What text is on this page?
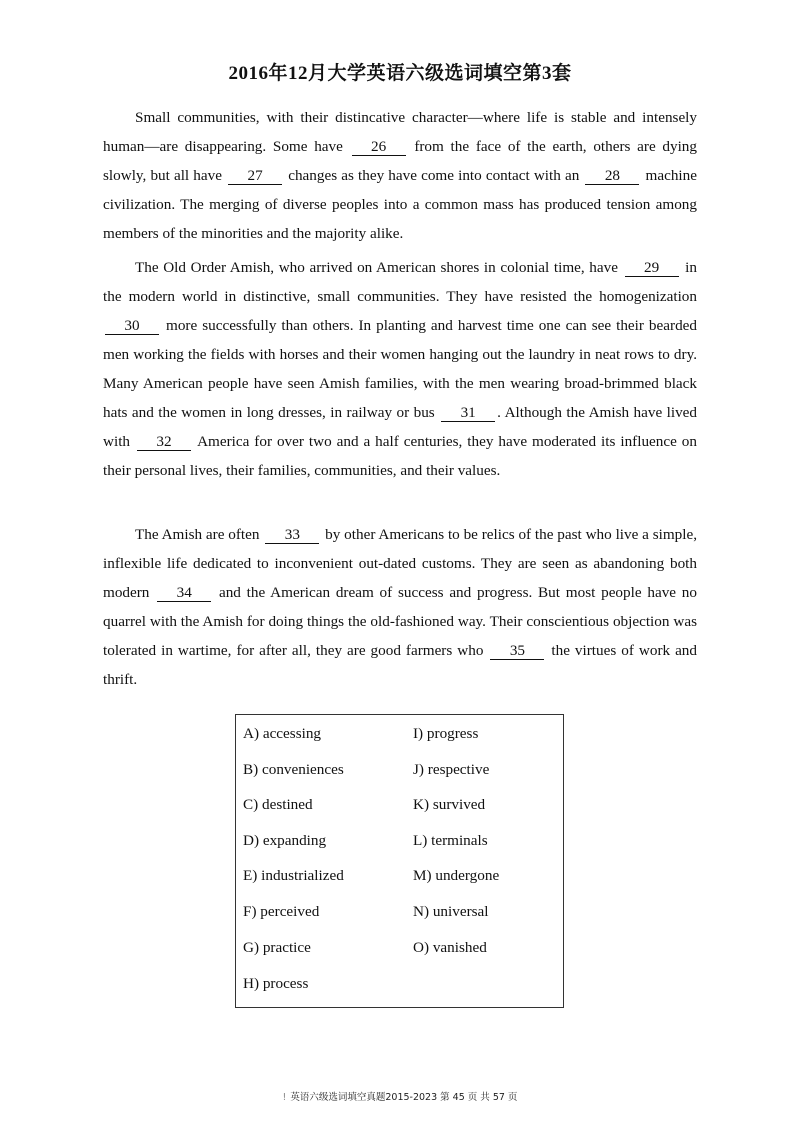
2016年12月大学英语六级选词填空第3套

Small communities, with their distincative character—where life is stable and intensely human—are disappearing. Some have 26 from the face of the earth, others are dying slowly, but all have 27 changes as they have come into contact with an 28 machine civilization. The merging of diverse peoples into a common mass has produced tension among members of the minorities and the majority alike.

The Old Order Amish, who arrived on American shores in colonial time, have 29 in the modern world in distinctive, small communities. They have resisted the homogenization 30 more successfully than others. In planting and harvest time one can see their bearded men working the fields with horses and their women hanging out the laundry in neat rows to dry. Many American people have seen Amish families, with the men wearing broad-brimmed black hats and the women in long dresses, in railway or bus 31 . Although the Amish have lived with 32 America for over two and a half centuries, they have moderated its influence on their personal lives, their families, communities, and their values.

The Amish are often 33 by other Americans to be relics of the past who live a simple, inflexible life dedicated to inconvenient out-dated customs. They are seen as abandoning both modern 34 and the American dream of success and progress. But most people have no quarrel with the Amish for doing things the old-fashioned way. Their conscientious objection was tolerated in wartime, for after all, they are good farmers who 35 the virtues of work and thrift.

A) accessing
B) conveniences
C) destined
D) expanding
E) industrialized
F) perceived
G) practice
H) process
I) progress
J) respective
K) survived
L) terminals
M) undergone
N) universal
O) vanished
! 英语六级选词填空真题2015-2023 第 45 页 共 57 页
